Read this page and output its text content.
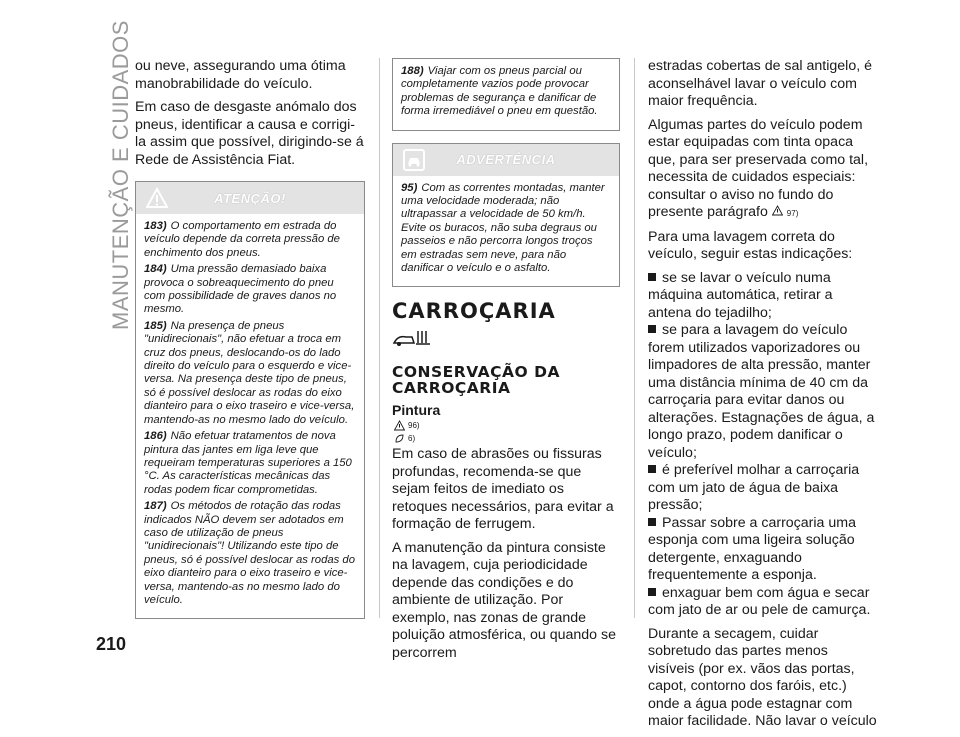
MANUTENÇÃO E CUIDADOS ou neve, assegurando uma ótima manobrabilidade do veículo.

Em caso de desgaste anómalo dos pneus, identificar a causa e corrigi-la assim que possível, dirigindo-se á Rede de Assistência Fiat.

ATENÇÃO!

183) O comportamento em estrada do veículo depende da correta pressão de enchimento dos pneus.

184) Uma pressão demasiado baixa provoca o sobreaquecimento do pneu com possibilidade de graves danos no mesmo.

185) Na presença de pneus "unidirecionais", não efetuar a troca em cruz dos pneus, deslocando-os do lado direito do veículo para o esquerdo e vice-versa. Na presença deste tipo de pneus, só é possível deslocar as rodas do eixo dianteiro para o eixo traseiro e vice-versa, mantendo-as no mesmo lado do veículo.

186) Não efetuar tratamentos de nova pintura das jantes em liga leve que requeiram temperaturas superiores a 150 °C. As características mecânicas das rodas podem ficar comprometidas.

187) Os métodos de rotação das rodas indicados NÃO devem ser adotados em caso de utilização de pneus "unidirecionais"! Utilizando este tipo de pneus, só é possível deslocar as rodas do eixo dianteiro para o eixo traseiro e vice-versa, mantendo-as no mesmo lado do veículo.

188) Viajar com os pneus parcial ou completamente vazios pode provocar problemas de segurança e danificar de forma irremediável o pneu em questão.

ADVERTÊNCIA

95) Com as correntes montadas, manter uma velocidade moderada; não ultrapassar a velocidade de 50 km/h. Evite os buracos, não suba degraus ou passeios e não percorra longos troços em estradas sem neve, para não danificar o veículo e o asfalto.

CARROÇARIA
CONSERVAÇÃO DA CARROÇARIA
Pintura
96)
6)

Em caso de abrasões ou fissuras profundas, recomenda-se que sejam feitos de imediato os retoques necessários, para evitar a formação de ferrugem.

A manutenção da pintura consiste na lavagem, cuja periodicidade depende das condições e do ambiente de utilização. Por exemplo, nas zonas de grande poluição atmosférica, ou quando se percorrem

estradas cobertas de sal antigelo, é aconselhável lavar o veículo com maior frequência.

Algumas partes do veículo podem estar equipadas com tinta opaca que, para ser preservada como tal, necessita de cuidados especiais: consultar o aviso no fundo do presente parágrafo 97)

Para uma lavagem correta do veículo, seguir estas indicações:

se se lavar o veículo numa máquina automática, retirar a antena do tejadilho;

se para a lavagem do veículo forem utilizados vaporizadores ou limpadores de alta pressão, manter uma distância mínima de 40 cm da carroçaria para evitar danos ou alterações. Estagnações de água, a longo prazo, podem danificar o veículo;

é preferível molhar a carroçaria com um jato de água de baixa pressão;

Passar sobre a carroçaria uma esponja com uma ligeira solução detergente, enxaguando frequentemente a esponja.

enxaguar bem com água e secar com jato de ar ou pele de camurça.

Durante a secagem, cuidar sobretudo das partes menos visíveis (por ex. vãos das portas, capot, contorno dos faróis, etc.) onde a água pode estagnar com maior facilidade. Não lavar o veículo

210
